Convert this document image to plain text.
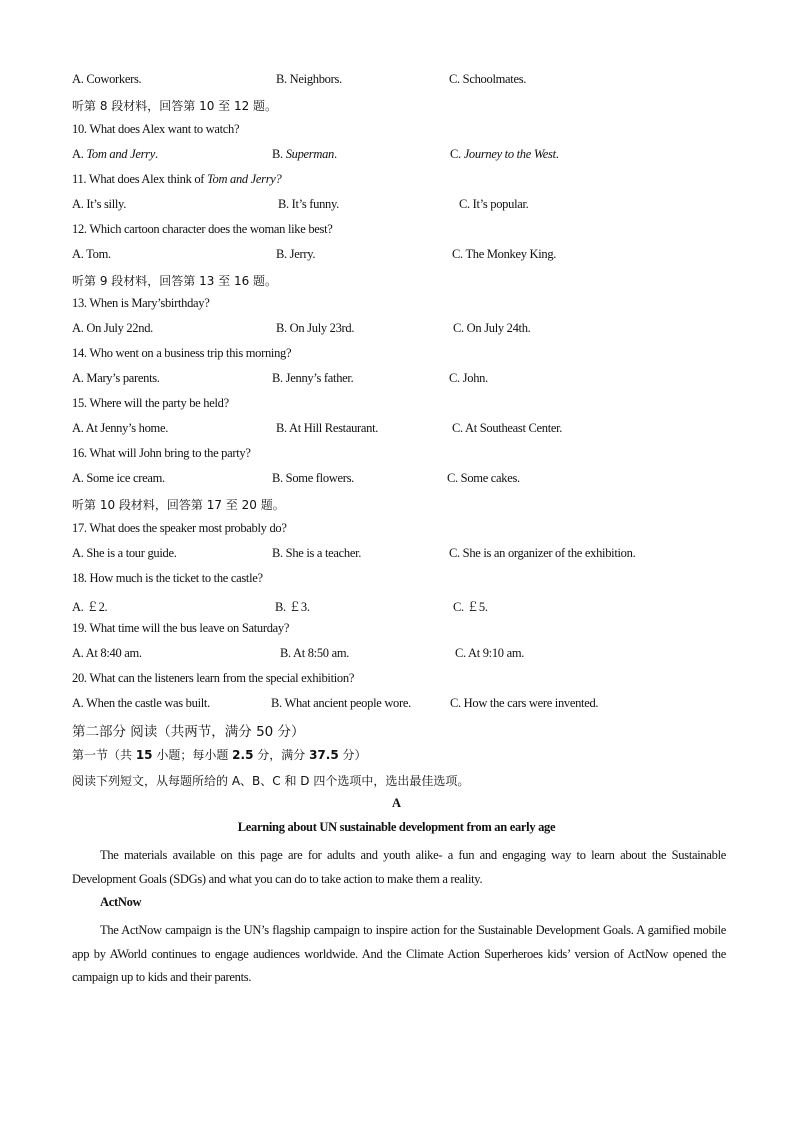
A. Coworkers.	B. Neighbors.	C. Schoolmates.
听第 8 段材料，回答第 10 至 12 题。
10. What does Alex want to watch?
A. Tom and Jerry.	B. Superman.	C. Journey to the West.
11. What does Alex think of Tom and Jerry?
A. It’s silly.	B. It’s funny.	C. It’s popular.
12. Which cartoon character does the woman like best?
A. Tom.	B. Jerry.	C. The Monkey King.
听第 9 段材料，回答第 13 至 16 题。
13. When is Mary’sbirthday?
A. On July 22nd.	B. On July 23rd.	C. On July 24th.
14. Who went on a business trip this morning?
A. Mary’s parents.	B. Jenny’s father.	C. John.
15. Where will the party be held?
A. At Jenny’s home.	B. At Hill Restaurant.	C. At Southeast Center.
16. What will John bring to the party?
A. Some ice cream.	B. Some flowers.	C. Some cakes.
听第 10 段材料，回答第 17 至 20 题。
17. What does the speaker most probably do?
A. She is a tour guide.	B. She is a teacher.	C. She is an organizer of the exhibition.
18. How much is the ticket to the castle?
A. ￡2.	B. ￡3.	C. ￡5.
19. What time will the bus leave on Saturday?
A. At 8:40 am.	B. At 8:50 am.	C. At 9:10 am.
20. What can the listeners learn from the special exhibition?
A. When the castle was built.	B. What ancient people wore.	C. How the cars were invented.
第二部分 阅读（共两节，满分 50 分）
第一节（共 15 小题；每小题 2.5 分，满分 37.5 分）
阅读下列短文，从每题所给的 A、B、C 和 D 四个选项中，选出最佳选项。
A
Learning about UN sustainable development from an early age
The materials available on this page are for adults and youth alike- a fun and engaging way to learn about the Sustainable Development Goals (SDGs) and what you can do to take action to make them a reality.
ActNow
The ActNow campaign is the UN’s flagship campaign to inspire action for the Sustainable Development Goals. A gamified mobile app by AWorld continues to engage audiences worldwide. And the Climate Action Superheroes kids’ version of ActNow opened the campaign up to kids and their parents.
